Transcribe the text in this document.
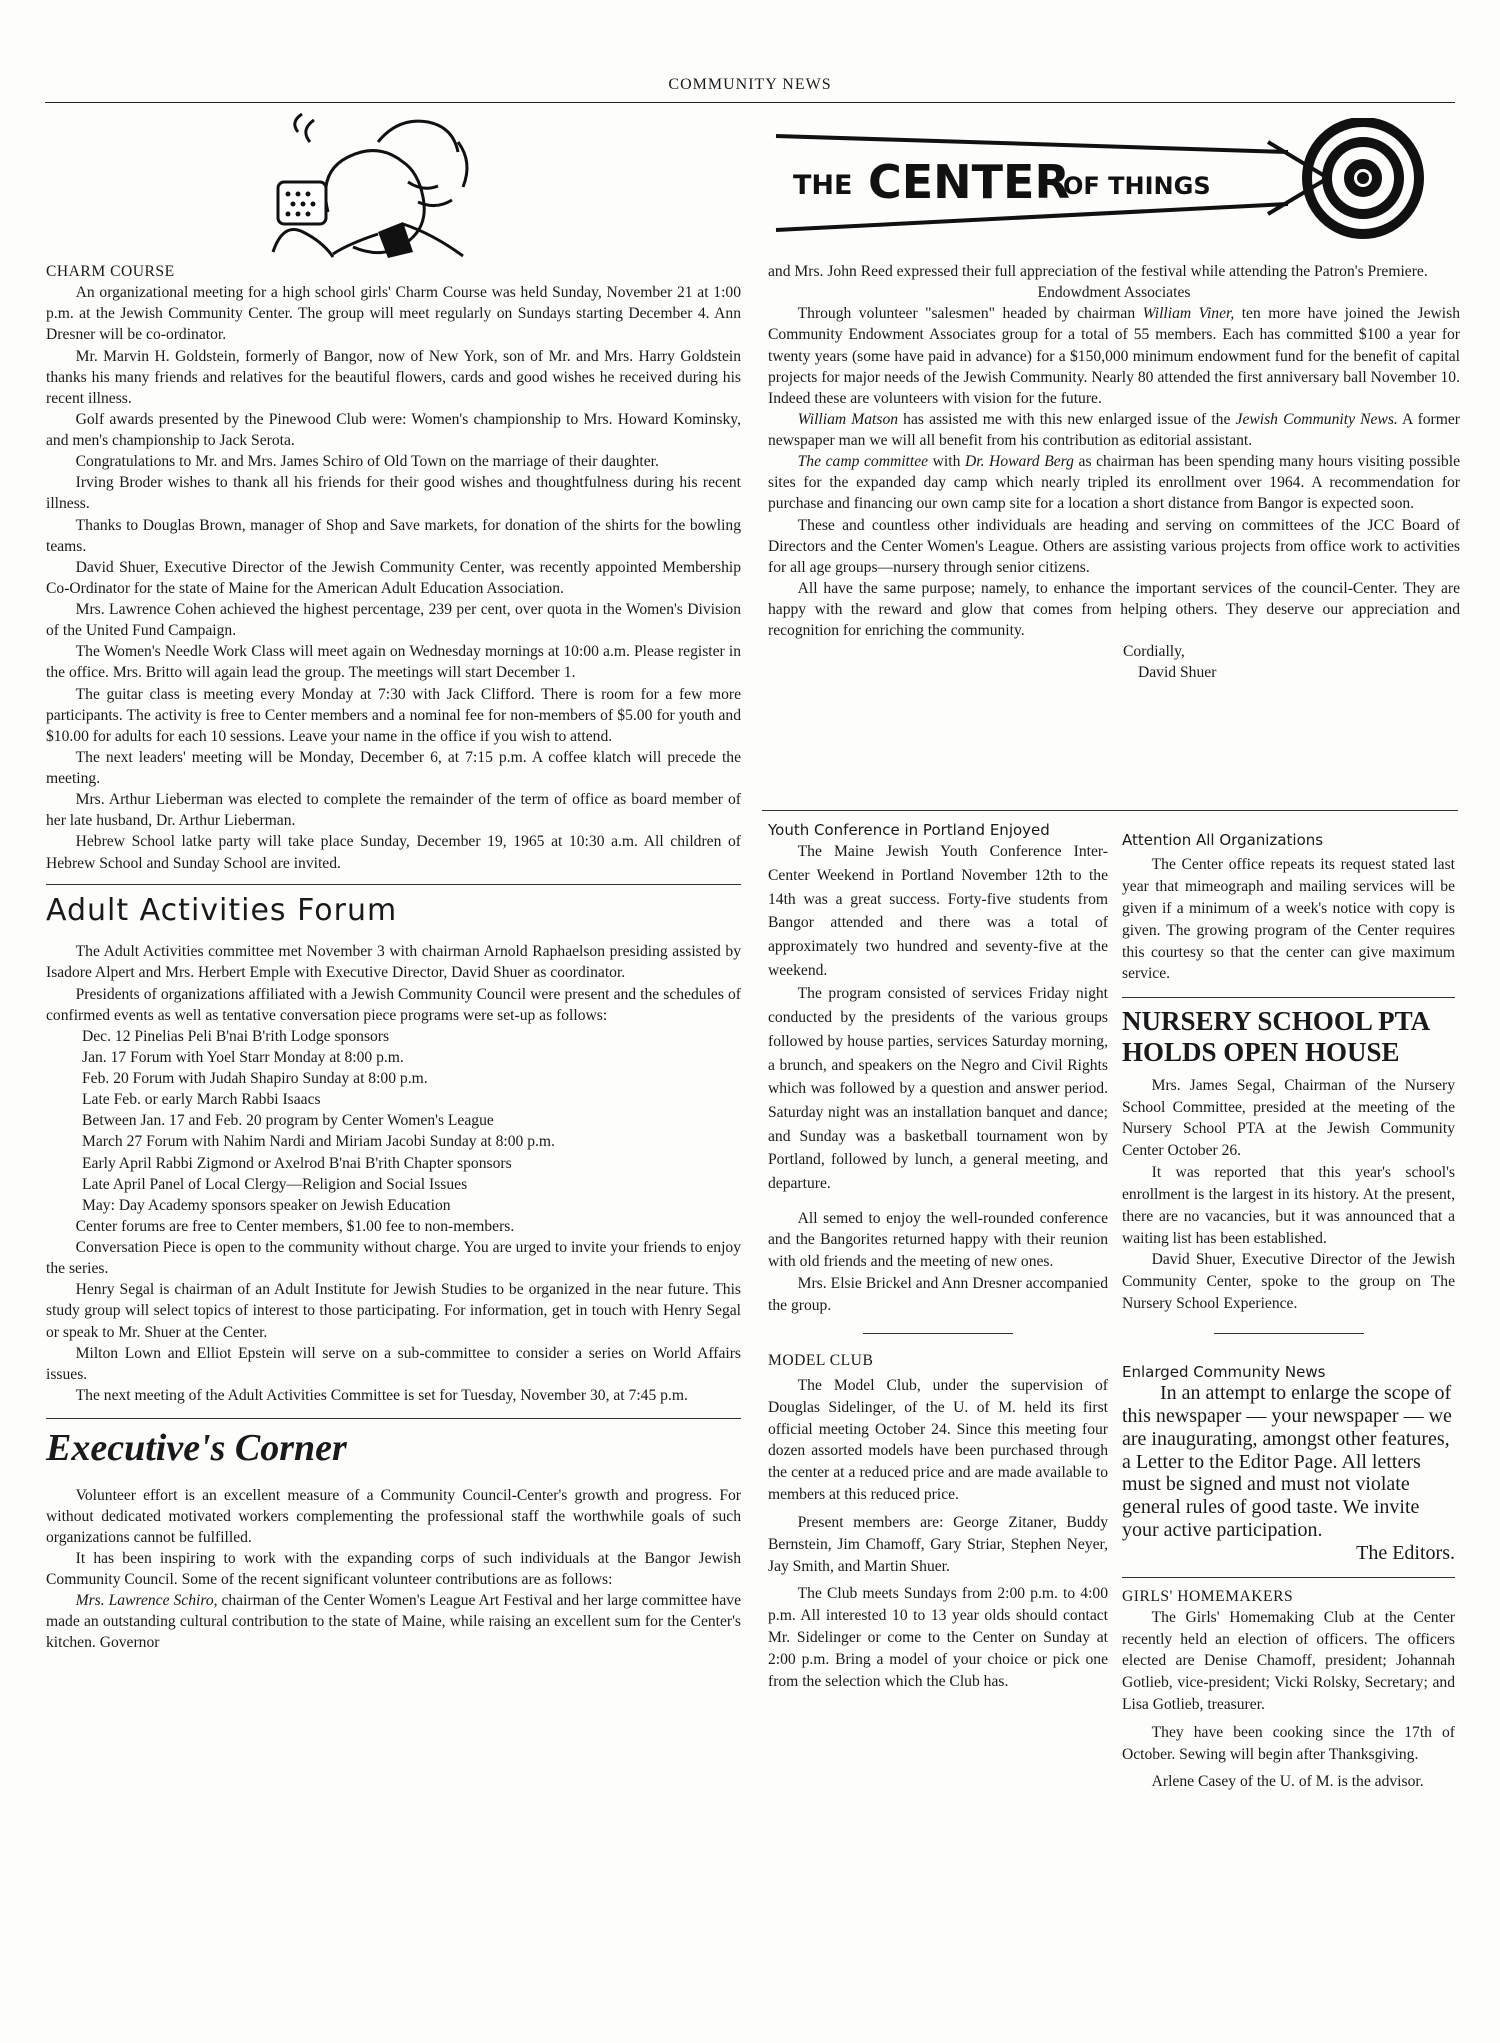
COMMUNITY NEWS
THE CENTER
OF THINGS
CHARM COURSE

An organizational meeting for a high school girls' Charm Course was held Sunday, November 21 at 1:00 p.m. at the Jewish Community Center. The group will meet regularly on Sundays starting December 4. Ann Dresner will be co-ordinator.

Mr. Marvin H. Goldstein, formerly of Bangor, now of New York, son of Mr. and Mrs. Harry Goldstein thanks his many friends and relatives for the beautiful flowers, cards and good wishes he received during his recent illness.

Golf awards presented by the Pinewood Club were: Women's championship to Mrs. Howard Kominsky, and men's championship to Jack Serota.

Congratulations to Mr. and Mrs. James Schiro of Old Town on the marriage of their daughter.

Irving Broder wishes to thank all his friends for their good wishes and thoughtfulness during his recent illness.

Thanks to Douglas Brown, manager of Shop and Save markets, for donation of the shirts for the bowling teams.

David Shuer, Executive Director of the Jewish Community Center, was recently appointed Membership Co-Ordinator for the state of Maine for the American Adult Education Association.

Mrs. Lawrence Cohen achieved the highest percentage, 239 per cent, over quota in the Women's Division of the United Fund Campaign.

The Women's Needle Work Class will meet again on Wednesday mornings at 10:00 a.m. Please register in the office. Mrs. Britto will again lead the group. The meetings will start December 1.

The guitar class is meeting every Monday at 7:30 with Jack Clifford. There is room for a few more participants. The activity is free to Center members and a nominal fee for non-members of $5.00 for youth and $10.00 for adults for each 10 sessions. Leave your name in the office if you wish to attend.

The next leaders' meeting will be Monday, December 6, at 7:15 p.m. A coffee klatch will precede the meeting.

Mrs. Arthur Lieberman was elected to complete the remainder of the term of office as board member of her late husband, Dr. Arthur Lieberman.

Hebrew School latke party will take place Sunday, December 19, 1965 at 10:30 a.m. All children of Hebrew School and Sunday School are invited.

Adult Activities Forum

The Adult Activities committee met November 3 with chairman Arnold Raphaelson presiding assisted by Isadore Alpert and Mrs. Herbert Emple with Executive Director, David Shuer as coordinator.

Presidents of organizations affiliated with a Jewish Community Council were present and the schedules of confirmed events as well as tentative conversation piece programs were set-up as follows:

Dec. 12 Pinelias Peli B'nai B'rith Lodge sponsors

Jan. 17 Forum with Yoel Starr Monday at 8:00 p.m.

Feb. 20 Forum with Judah Shapiro Sunday at 8:00 p.m.

Late Feb. or early March Rabbi Isaacs

Between Jan. 17 and Feb. 20 program by Center Women's League

March 27 Forum with Nahim Nardi and Miriam Jacobi Sunday at 8:00 p.m.

Early April Rabbi Zigmond or Axelrod B'nai B'rith Chapter sponsors

Late April Panel of Local Clergy—Religion and Social Issues

May: Day Academy sponsors speaker on Jewish Education

Center forums are free to Center members, $1.00 fee to non-members.

Conversation Piece is open to the community without charge. You are urged to invite your friends to enjoy the series.

Henry Segal is chairman of an Adult Institute for Jewish Studies to be organized in the near future. This study group will select topics of interest to those participating. For information, get in touch with Henry Segal or speak to Mr. Shuer at the Center.

Milton Lown and Elliot Epstein will serve on a sub-committee to consider a series on World Affairs issues.

The next meeting of the Adult Activities Committee is set for Tuesday, November 30, at 7:45 p.m.

Executive's Corner

Volunteer effort is an excellent measure of a Community Council-Center's growth and progress. For without dedicated motivated workers complementing the professional staff the worthwhile goals of such organizations cannot be fulfilled.

It has been inspiring to work with the expanding corps of such individuals at the Bangor Jewish Community Council. Some of the recent significant volunteer contributions are as follows:

Mrs. Lawrence Schiro, chairman of the Center Women's League Art Festival and her large committee have made an outstanding cultural contribution to the state of Maine, while raising an excellent sum for the Center's kitchen. Governor

and Mrs. John Reed expressed their full appreciation of the festival while attending the Patron's Premiere.

Endowdment Associates

Through volunteer "salesmen" headed by chairman William Viner, ten more have joined the Jewish Community Endowment Associates group for a total of 55 members. Each has committed $100 a year for twenty years (some have paid in advance) for a $150,000 minimum endowment fund for the benefit of capital projects for major needs of the Jewish Community. Nearly 80 attended the first anniversary ball November 10. Indeed these are volunteers with vision for the future.

William Matson has assisted me with this new enlarged issue of the Jewish Community News. A former newspaper man we will all benefit from his contribution as editorial assistant.

The camp committee with Dr. Howard Berg as chairman has been spending many hours visiting possible sites for the expanded day camp which nearly tripled its enrollment over 1964. A recommendation for purchase and financing our own camp site for a location a short distance from Bangor is expected soon.

These and countless other individuals are heading and serving on committees of the JCC Board of Directors and the Center Women's League. Others are assisting various projects from office work to activities for all age groups—nursery through senior citizens.

All have the same purpose; namely, to enhance the important services of the council-Center. They are happy with the reward and glow that comes from helping others. They deserve our appreciation and recognition for enriching the community.

Cordially,

David Shuer

Youth Conference in Portland Enjoyed

The Maine Jewish Youth Conference Inter-Center Weekend in Portland November 12th to the 14th was a great success. Forty-five students from Bangor attended and there was a total of approximately two hundred and seventy-five at the weekend.

The program consisted of services Friday night conducted by the presidents of the various groups followed by house parties, services Saturday morning, a brunch, and speakers on the Negro and Civil Rights which was followed by a question and answer period. Saturday night was an installation banquet and dance; and Sunday was a basketball tournament won by Portland, followed by lunch, a general meeting, and departure.

All semed to enjoy the well-rounded conference and the Bangorites returned happy with their reunion with old friends and the meeting of new ones.

Mrs. Elsie Brickel and Ann Dresner accompanied the group.

MODEL CLUB

The Model Club, under the supervision of Douglas Sidelinger, of the U. of M. held its first official meeting October 24. Since this meeting four dozen assorted models have been purchased through the center at a reduced price and are made available to members at this reduced price.

Present members are: George Zitaner, Buddy Bernstein, Jim Chamoff, Gary Striar, Stephen Neyer, Jay Smith, and Martin Shuer.

The Club meets Sundays from 2:00 p.m. to 4:00 p.m. All interested 10 to 13 year olds should contact Mr. Sidelinger or come to the Center on Sunday at 2:00 p.m. Bring a model of your choice or pick one from the selection which the Club has.

Attention All Organizations

The Center office repeats its request stated last year that mimeograph and mailing services will be given if a minimum of a week's notice with copy is given. The growing program of the Center requires this courtesy so that the center can give maximum service.

NURSERY SCHOOL PTA HOLDS OPEN HOUSE

Mrs. James Segal, Chairman of the Nursery School Committee, presided at the meeting of the Nursery School PTA at the Jewish Community Center October 26.

It was reported that this year's school's enrollment is the largest in its history. At the present, there are no vacancies, but it was announced that a waiting list has been established.

David Shuer, Executive Director of the Jewish Community Center, spoke to the group on The Nursery School Experience.

Enlarged Community News

In an attempt to enlarge the scope of this newspaper — your newspaper — we are inaugurating, amongst other features, a Letter to the Editor Page. All letters must be signed and must not violate general rules of good taste. We invite your active participation.

The Editors.

GIRLS' HOMEMAKERS

The Girls' Homemaking Club at the Center recently held an election of officers. The officers elected are Denise Chamoff, president; Johannah Gotlieb, vice-president; Vicki Rolsky, Secretary; and Lisa Gotlieb, treasurer.

They have been cooking since the 17th of October. Sewing will begin after Thanksgiving.

Arlene Casey of the U. of M. is the advisor.
